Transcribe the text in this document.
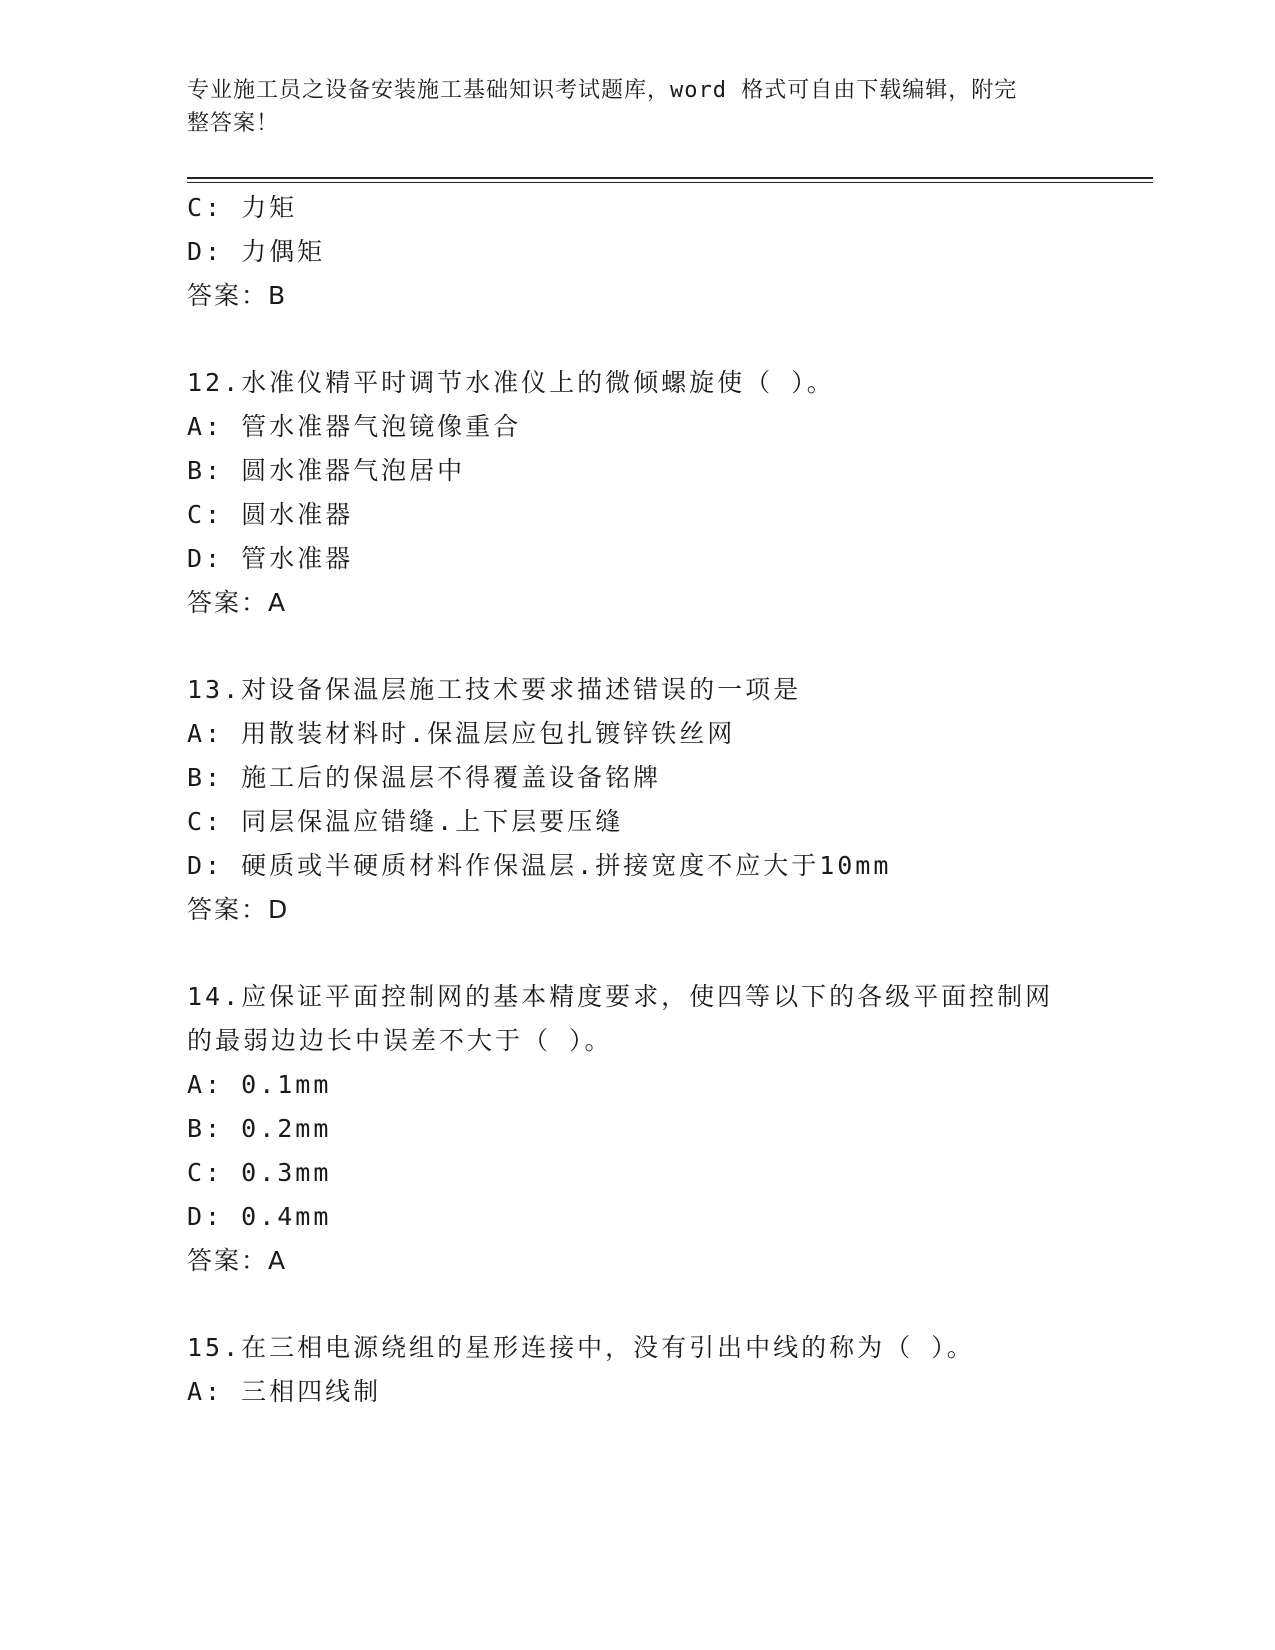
专业施工员之设备安装施工基础知识考试题库，word 格式可自由下载编辑，附完
整答案！
C: 力矩
D: 力偶矩
答案：B
12.水准仪精平时调节水准仪上的微倾螺旋使（ ）。
A: 管水准器气泡镜像重合
B: 圆水准器气泡居中
C: 圆水准器
D: 管水准器
答案：A
13.对设备保温层施工技术要求描述错误的一项是
A: 用散装材料时.保温层应包扎镀锌铁丝网
B: 施工后的保温层不得覆盖设备铭牌
C: 同层保温应错缝.上下层要压缝
D: 硬质或半硬质材料作保温层.拼接宽度不应大于10mm
答案：D
14.应保证平面控制网的基本精度要求，使四等以下的各级平面控制网
的最弱边边长中误差不大于（ ）。
A: 0.1mm
B: 0.2mm
C: 0.3mm
D: 0.4mm
答案：A
15.在三相电源绕组的星形连接中，没有引出中线的称为（ ）。
A: 三相四线制
